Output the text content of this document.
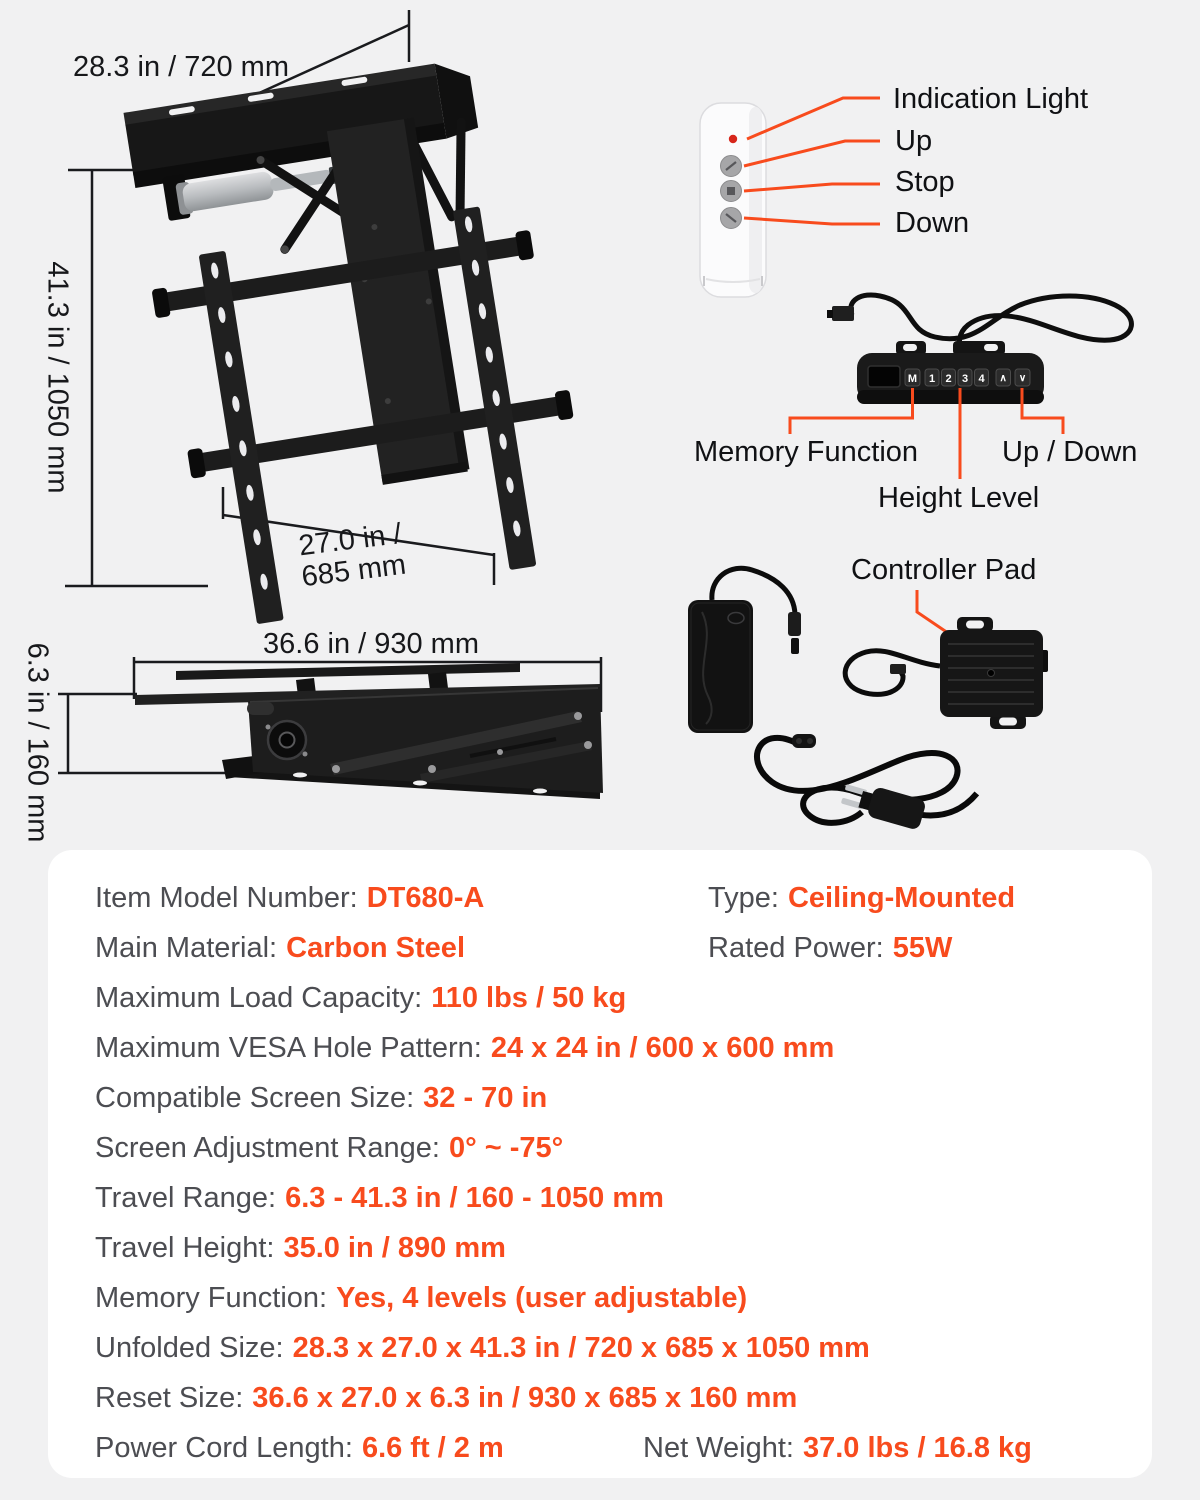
M 1 2 3 4 ∧ ∨
28.3 in / 720 mm
41.3 in / 1050 mm
27.0 in /
685 mm
Indication Light
Up
Stop
Down
Memory Function	Up / Down
Height Level
Controller Pad
36.6 in / 930 mm
6.3 in / 160 mm
Item Model Number: DT680-A	Type: Ceiling-Mounted
Main Material: Carbon Steel	Rated Power: 55W
Maximum Load Capacity: 110 lbs / 50 kg
Maximum VESA Hole Pattern: 24 x 24 in / 600 x 600 mm
Compatible Screen Size: 32 - 70 in
Screen Adjustment Range: 0° ~ -75°
Travel Range: 6.3 - 41.3 in / 160 - 1050 mm
Travel Height: 35.0 in / 890 mm
Memory Function: Yes, 4 levels (user adjustable)
Unfolded Size: 28.3 x 27.0 x 41.3 in / 720 x 685 x 1050 mm
Reset Size: 36.6 x 27.0 x 6.3 in / 930 x 685 x 160 mm
Power Cord Length: 6.6 ft / 2 m	Net Weight: 37.0 lbs / 16.8 kg
